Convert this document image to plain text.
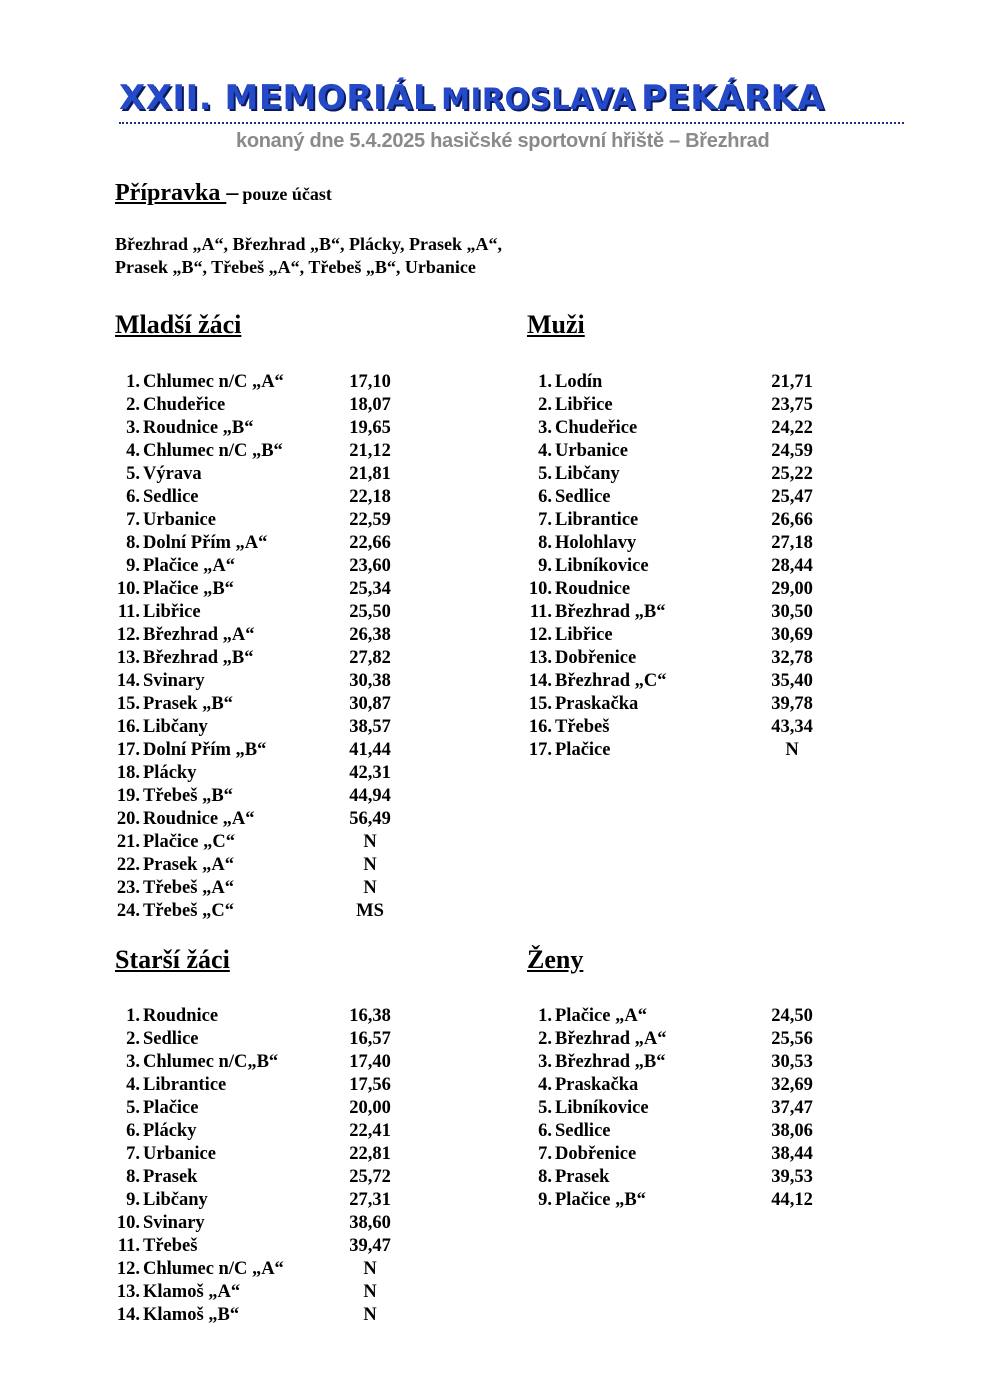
XXII. MEMORIÁL MIROSLAVA PEKÁRKA
konaný dne 5.4.2025 hasičské sportovní hřiště – Březhrad
Přípravka – pouze účast
Březhrad „A“, Březhrad „B“, Plácky, Prasek „A“,
Prasek „B“, Třebeš „A“, Třebeš „B“, Urbanice
Mladší žáci	Muži
Starší žáci	Ženy
1. Chlumec n/C „A“	17,10
2. Chudeřice	18,07
3. Roudnice „B“	19,65
4. Chlumec n/C „B“	21,12
5. Výrava	21,81
6. Sedlice	22,18
7. Urbanice	22,59
8. Dolní Přím „A“	22,66
9. Plačice „A“	23,60
10. Plačice „B“	25,34
11. Libřice	25,50
12. Březhrad „A“	26,38
13. Březhrad „B“	27,82
14. Svinary	30,38
15. Prasek „B“	30,87
16. Libčany	38,57
17. Dolní Přím „B“	41,44
18. Plácky	42,31
19. Třebeš „B“	44,94
20. Roudnice „A“	56,49
21. Plačice „C“	N
22. Prasek „A“	N
23. Třebeš „A“	N
24. Třebeš „C“	MS
1. Lodín	21,71
2. Libřice	23,75
3. Chudeřice	24,22
4. Urbanice	24,59
5. Libčany	25,22
6. Sedlice	25,47
7. Librantice	26,66
8. Holohlavy	27,18
9. Libníkovice	28,44
10. Roudnice	29,00
11. Březhrad „B“	30,50
12. Libřice	30,69
13. Dobřenice	32,78
14. Březhrad „C“	35,40
15. Praskačka	39,78
16. Třebeš	43,34
17. Plačice	N
1. Roudnice	16,38
2. Sedlice	16,57
3. Chlumec n/C„B“	17,40
4. Librantice	17,56
5. Plačice	20,00
6. Plácky	22,41
7. Urbanice	22,81
8. Prasek	25,72
9. Libčany	27,31
10. Svinary	38,60
11. Třebeš	39,47
12. Chlumec n/C „A“	N
13. Klamoš „A“	N
14. Klamoš „B“	N
1. Plačice „A“	24,50
2. Březhrad „A“	25,56
3. Březhrad „B“	30,53
4. Praskačka	32,69
5. Libníkovice	37,47
6. Sedlice	38,06
7. Dobřenice	38,44
8. Prasek	39,53
9. Plačice „B“	44,12
